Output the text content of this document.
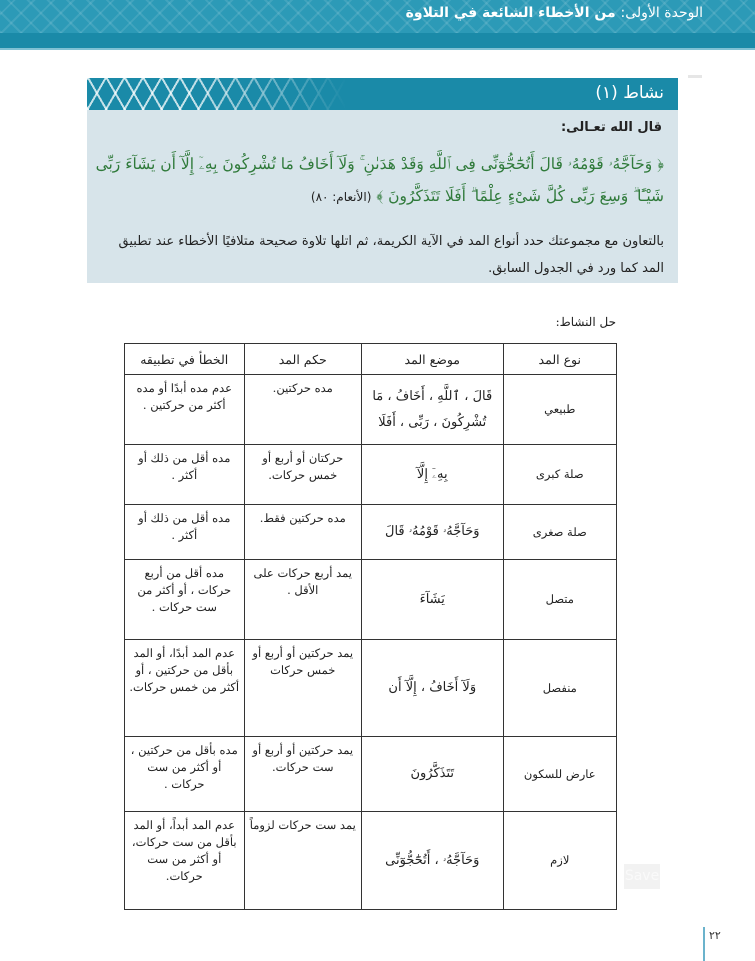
الوحدة الأولى: من الأخطاء الشائعة في التلاوة
نشاط (١)
قال الله تعـالى:
﴿ وَحَآجَّهُۥ قَوْمُهُۥ قَالَ أَتُحَٰٓجُّوٓنِّى فِى ٱللَّهِ وَقَدْ هَدَىٰنِ ۚ وَلَآ أَخَافُ مَا تُشْرِكُونَ بِهِۦٓ إِلَّآ أَن يَشَآءَ رَبِّى شَيْـًٔا ۗ وَسِعَ رَبِّى كُلَّ شَىْءٍ عِلْمًا ۗ أَفَلَا تَتَذَكَّرُونَ ﴾ (الأنعام: ٨٠)
بالتعاون مع مجموعتك حدد أنواع المد في الآية الكريمة، ثم اتلها تلاوة صحيحة متلافيًا الأخطاء عند تطبيق المد كما ورد في الجدول السابق.
حل النشاط:
نوع المد	موضع المد	حكم المد	الخطأ في تطبيقه
طبيعي	قَالَ ، ٱللَّهِ ، أَخَافُ ، مَا تُشْرِكُونَ ، رَبِّى ، أَفَلَا	مده حركتين.	عدم مده أبدًا أو مده أكثر من حركتين .
صلة كبرى	بِهِۦٓ إِلَّآ	حركتان أو أربع أو خمس حركات.	مده أقل من ذلك أو أكثر .
صلة صغرى	وَحَآجَّهُۥ قَوْمُهُۥ قَالَ	مده حركتين فقط.	مده أقل من ذلك أو أكثر .
متصل	يَشَآءَ	يمد أربع حركات على الأقل .	مده أقل من أربع حركات ، أو أكثر من ست حركات .
منفصل	وَلَآ أَخَافُ ، إِلَّآ أَن	يمد حركتين أو أربع أو خمس حركات	عدم المد أبدًا، أو المد بأقل من حركتين ، أو أكثر من خمس حركات.
عارض للسكون	تَتَذَكَّرُونَ	يمد حركتين أو أربع أو ست حركات.	مده بأقل من حركتين ، أو أكثر من ست حركات .
لازم	وَحَآجَّهُۥ ، أَتُحَٰٓجُّوٓنِّى	يمد ست حركات لزوماً	عدم المد أبداً، أو المد بأقل من ست حركات، أو أكثر من ست حركات.	Save
٢٢
